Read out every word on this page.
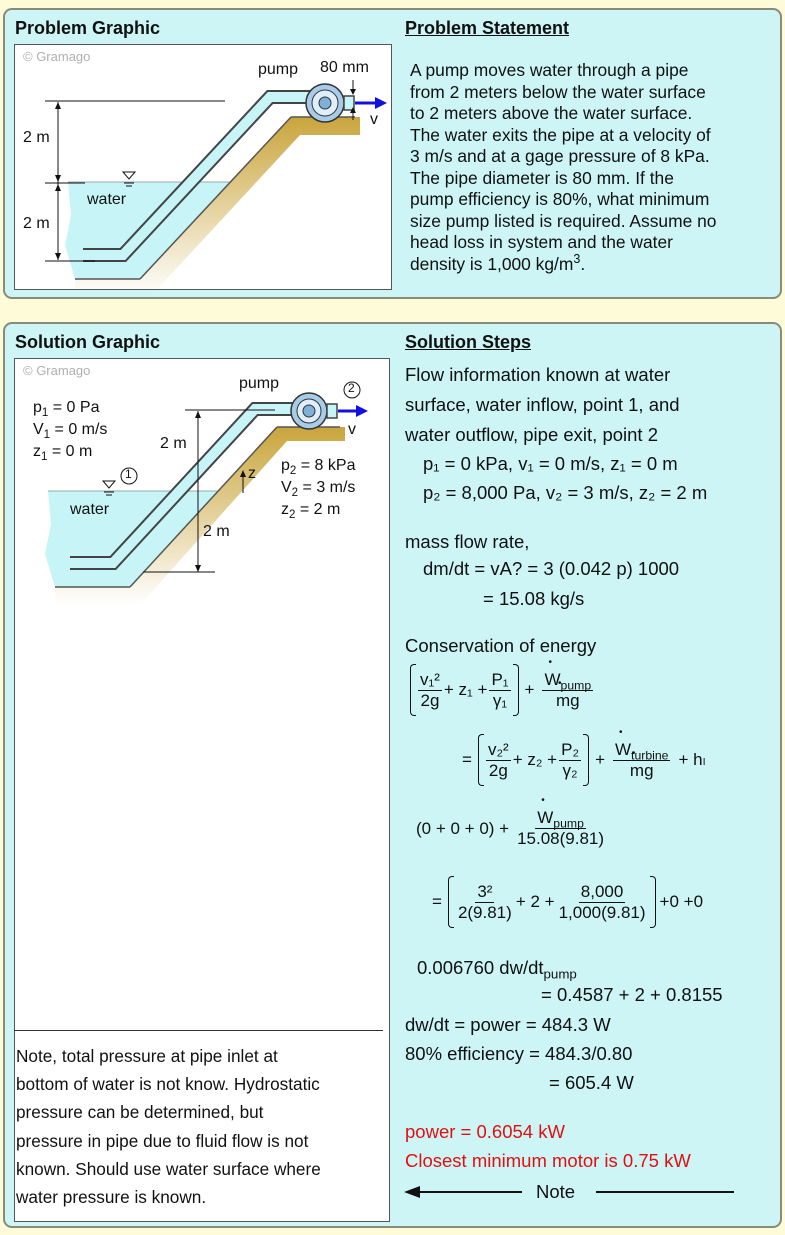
Problem Graphic	Problem Statement
© Gramago
pump 80 mm
v
2 m
2 m
water
A pump moves water through a pipe
from 2 meters below the water surface
to 2 meters above the water surface.
The water exits the pipe at a velocity of
3 m/s and at a gage pressure of 8 kPa.
The pipe diameter is 80 mm. If the
pump efficiency is 80%, what minimum
size pump listed is required. Assume no
head loss in system and the water
density is 1,000 $kg/m^3$.
Solution Graphic	Solution Steps
© Gramago
pump
v
2
1
2 m
2 m
z
water
$p_1 = 0$ Pa
$V_1 = 0$ m/s
$z_1 = 0$ m
$p_2 = 8$ kPa
$V_2 = 3$ m/s
$z_2 = 2$ m
Note, total pressure at pipe inlet at
bottom of water is not know. Hydrostatic
pressure can be determined, but
pressure in pipe due to fluid flow is not
known. Should use water surface where
water pressure is known.
Flow information known at water
surface, water inflow, point 1, and
water outflow, pipe exit, point 2
p₁ = 0 kPa, v₁ = 0 m/s, z₁ = 0 m
p₂ = 8,000 Pa, v₂ = 3 m/s, z₂ = 2 m
mass flow rate,
dm/dt = vA? = 3 (0.042 p) 1000
= 15.08 kg/s
Conservation of energy
$\frac{\text{v₁²}}{2g} + z_1 + \frac{\text{P₁}}{\text{γ₁}}$ + • $W_{pump}$
• mg
= $\frac{\text{v₂²}}{2g} + z_2 + \frac{\text{P₂}}{\text{γ₂}}$ + • $W_{turbine}$
• mg + hₗ
(0 + 0 + 0) + • $\frac{W_{pump}}{15.08(9.81)}$
= $\frac{\text{3²}}{2(9.81)} + 2 + \frac{8,000}{1,000(9.81)} +0 +0$
0.006760 $dw/dt_{pump}$
= 0.4587 + 2 + 0.8155
dw/dt = power = 484.3 W
80% efficiency = 484.3/0.80
= 605.4 W
power = 0.6054 kW
Closest minimum motor is 0.75 kW
Note
